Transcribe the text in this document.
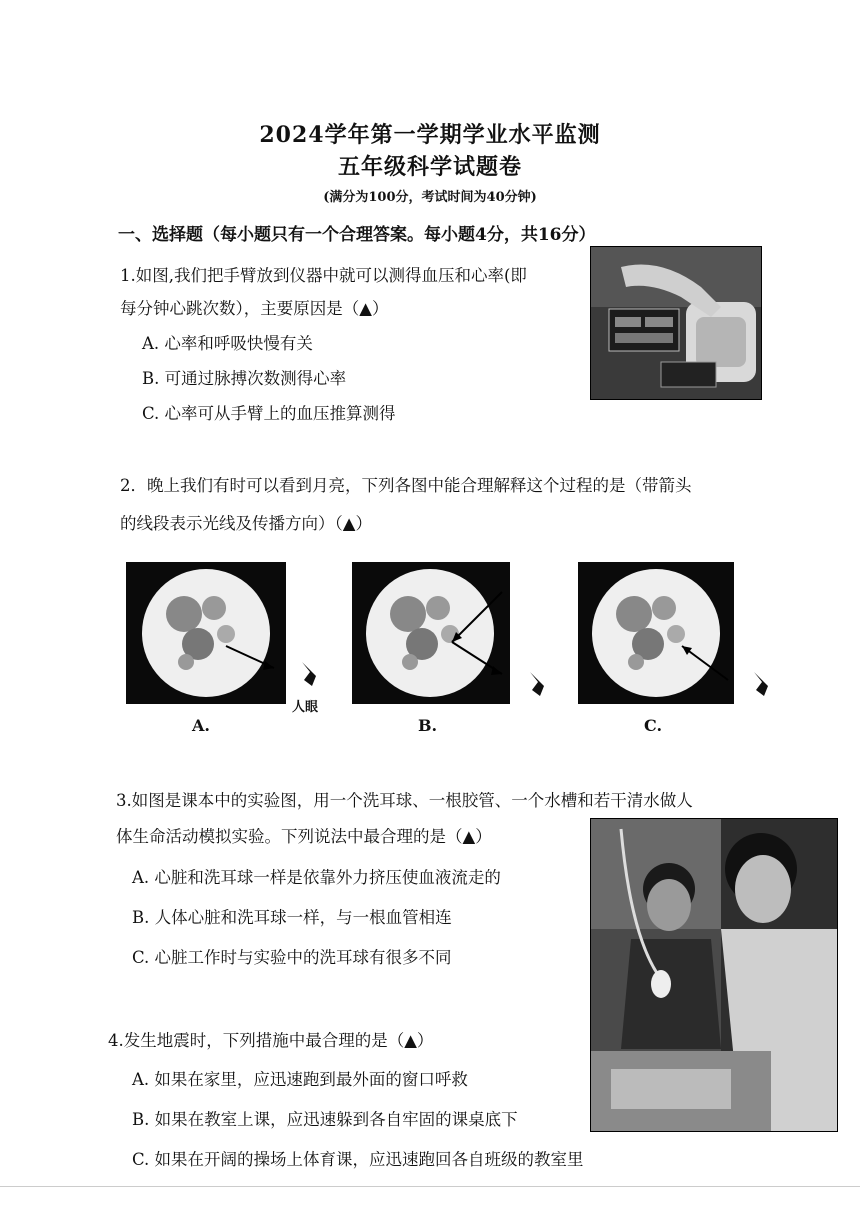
2024学年第一学期学业水平监测
五年级科学试题卷
(满分为100分，考试时间为40分钟)
一、选择题（每小题只有一个合理答案。每小题4分，共16分）
1.如图,我们把手臂放到仪器中就可以测得血压和心率(即
每分钟心跳次数），主要原因是（▲）
A. 心率和呼吸快慢有关
B. 可通过脉搏次数测得心率
C. 心率可从手臂上的血压推算测得
2．晚上我们有时可以看到月亮，下列各图中能合理解释这个过程的是（带箭头
的线段表示光线及传播方向）（▲）
人眼
A.	B.	C.
3.如图是课本中的实验图，用一个洗耳球、一根胶管、一个水槽和若干清水做人
体生命活动模拟实验。下列说法中最合理的是（▲）
A. 心脏和洗耳球一样是依靠外力挤压使血液流走的
B. 人体心脏和洗耳球一样，与一根血管相连
C. 心脏工作时与实验中的洗耳球有很多不同
4.发生地震时，下列措施中最合理的是（▲）
A. 如果在家里，应迅速跑到最外面的窗口呼救
B. 如果在教室上课，应迅速躲到各自牢固的课桌底下
C. 如果在开阔的操场上体育课，应迅速跑回各自班级的教室里
